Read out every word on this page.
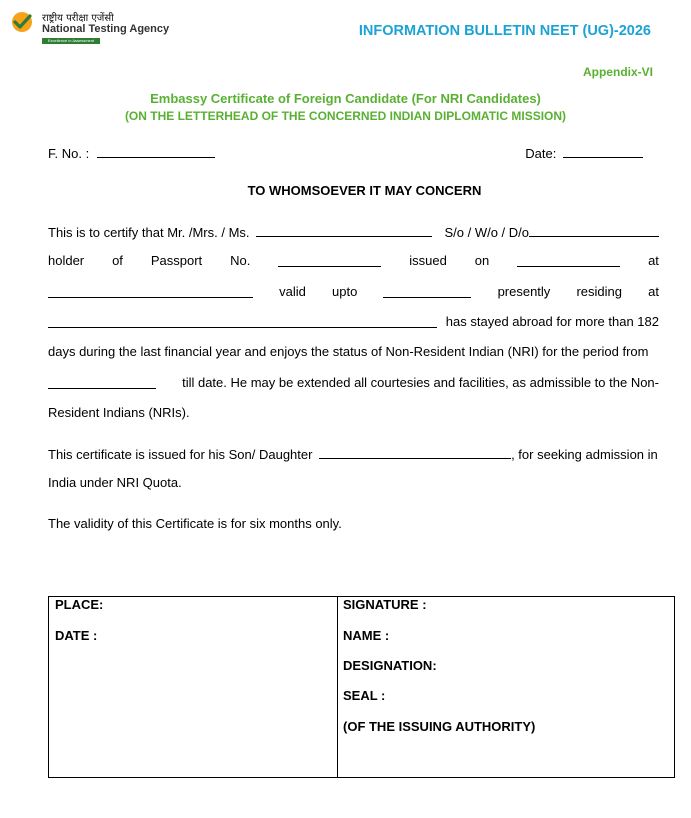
राष्ट्रीय परीक्षा एजेंसी
National Testing Agency
Excellence in Assessment
INFORMATION BULLETIN NEET (UG)-2026
Appendix-VI
Embassy Certificate of Foreign Candidate (For NRI Candidates)
(ON THE LETTERHEAD OF THE CONCERNED INDIAN DIPLOMATIC MISSION)
F. No. :	Date:
TO WHOMSOEVER IT MAY CONCERN
This is to certify that Mr. /Mrs. / Ms.	S/o / W/o / D/o
holder of Passport No.	issued on	at
valid upto	presently residing at
has stayed abroad for more than 182
days during the last financial year and enjoys the status of Non-Resident Indian (NRI) for the period from
till date. He may be extended all courtesies and facilities, as admissible to the Non-
Resident Indians (NRIs).
This certificate is issued for his Son/ Daughter	, for seeking admission in
India under NRI Quota.
The validity of this Certificate is for six months only.
PLACE:
DATE :
SIGNATURE :
NAME :
DESIGNATION:
SEAL :
(OF THE ISSUING AUTHORITY)
